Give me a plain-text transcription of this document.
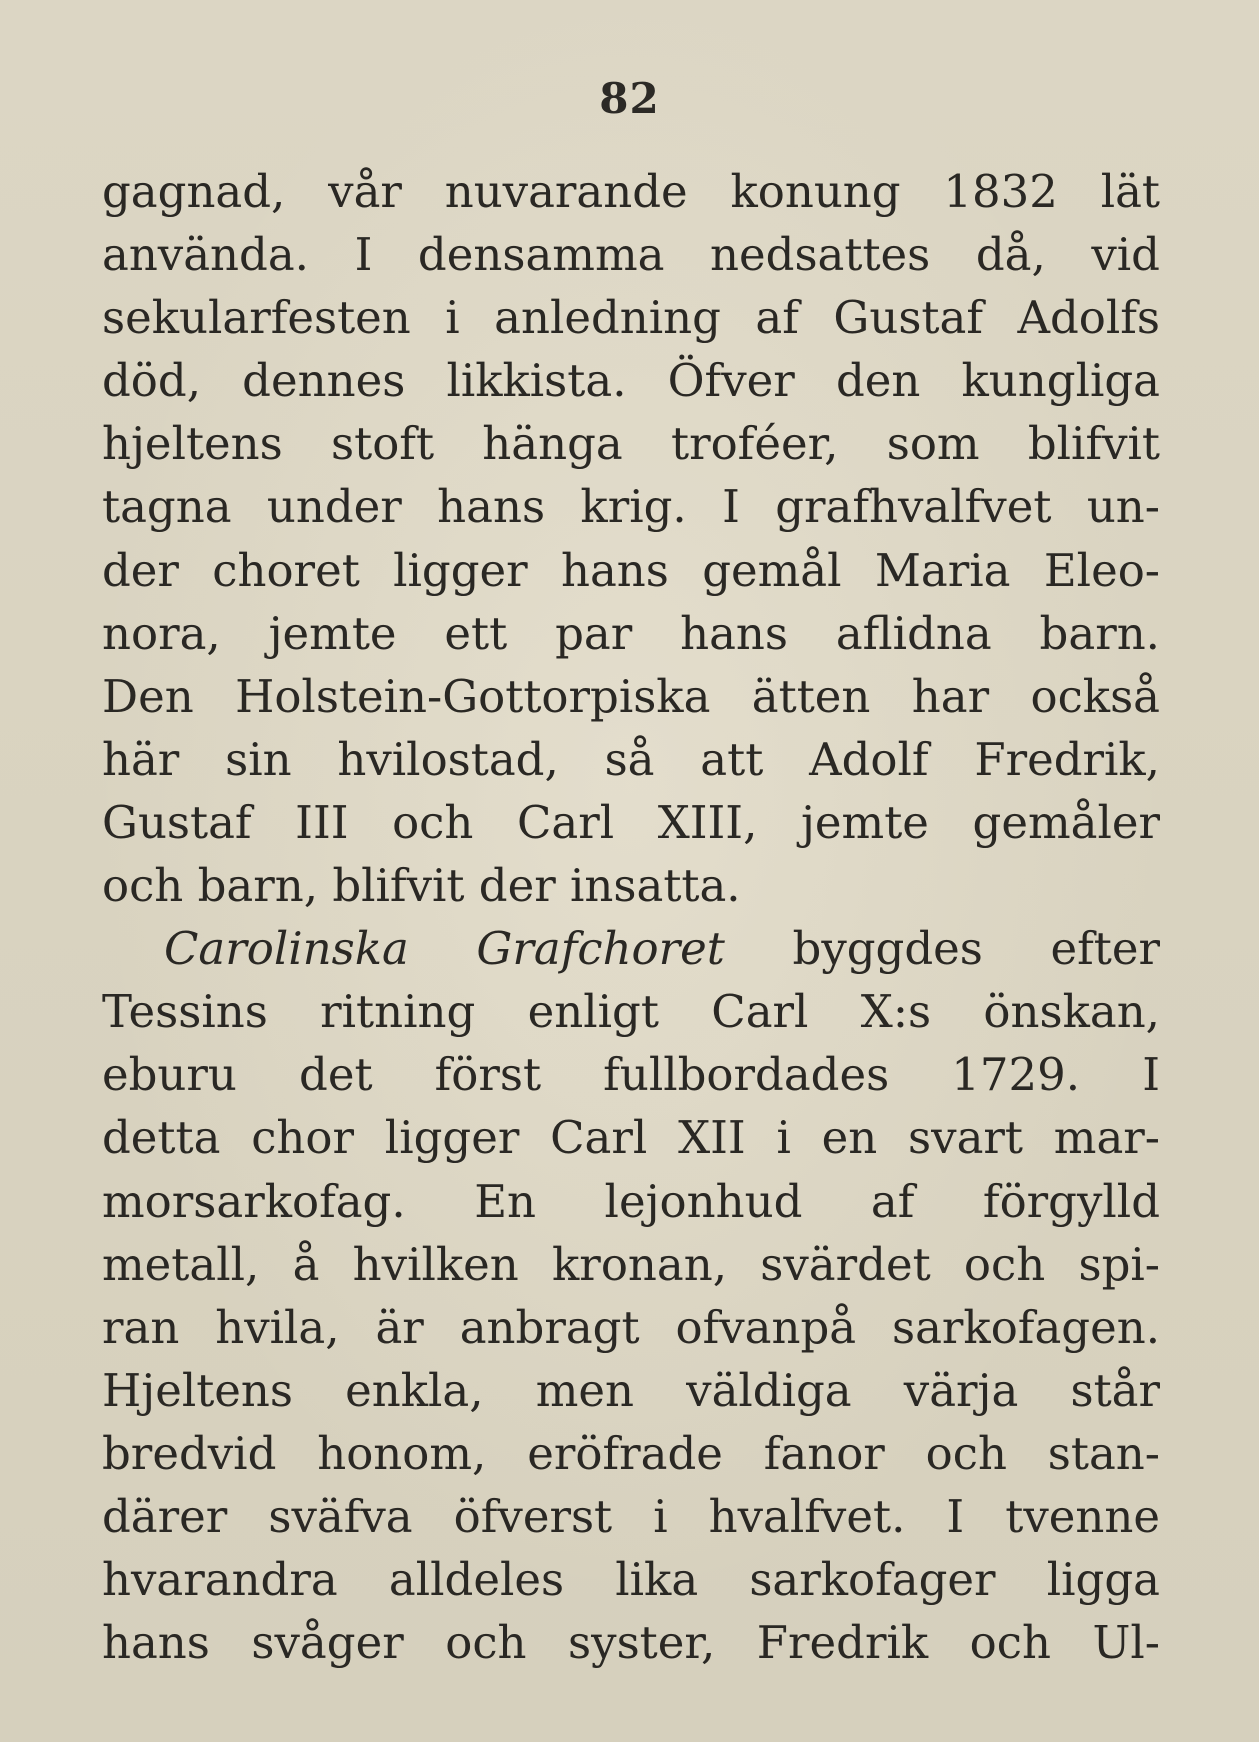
82
gagnad, vår nuvarande konung 1832 lät
använda. I densamma nedsattes då, vid
sekularfesten i anledning af Gustaf Adolfs
död, dennes likkista. Öfver den kungliga
hjeltens stoft hänga troféer, som blifvit
tagna under hans krig. I grafhvalfvet un-
der choret ligger hans gemål Maria Eleo-
nora, jemte ett par hans aflidna barn.
Den Holstein-Gottorpiska ätten har också
här sin hvilostad, så att Adolf Fredrik,
Gustaf III och Carl XIII, jemte gemåler
och barn, blifvit der insatta.
Carolinska Grafchoret byggdes efter
Tessins ritning enligt Carl X:s önskan,
eburu det först fullbordades 1729. I
detta chor ligger Carl XII i en svart mar-
morsarkofag. En lejonhud af förgylld
metall, å hvilken kronan, svärdet och spi-
ran hvila, är anbragt ofvanpå sarkofagen.
Hjeltens enkla, men väldiga värja står
bredvid honom, eröfrade fanor och stan-
därer sväfva öfverst i hvalfvet. I tvenne
hvarandra alldeles lika sarkofager ligga
hans svåger och syster, Fredrik och Ul-
